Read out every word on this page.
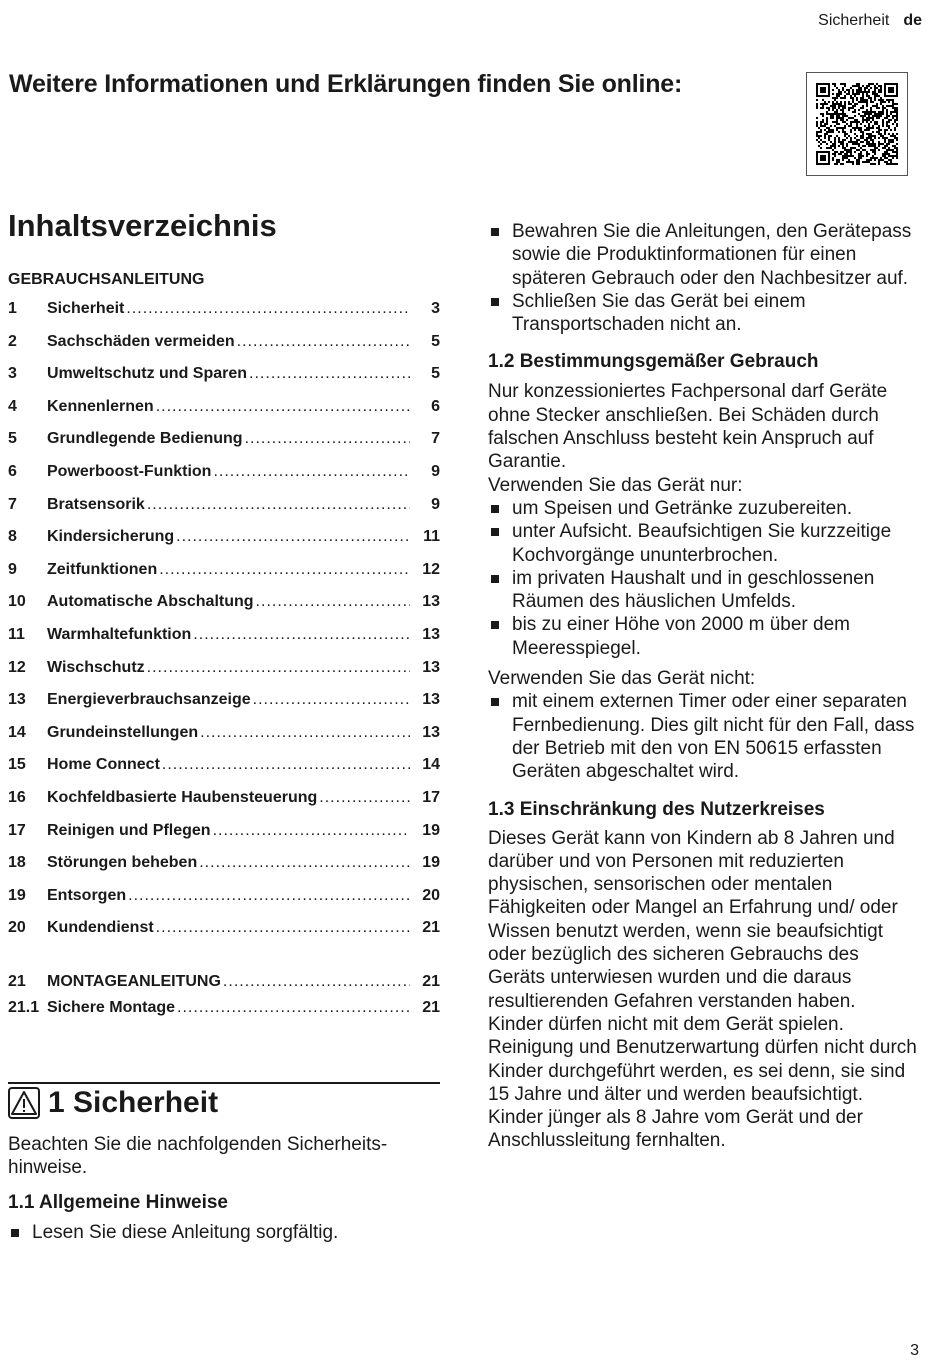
Sicherheit de
Weitere Informationen und Erklärungen finden Sie online:
Inhaltsverzeichnis
GEBRAUCHSANLEITUNG
1	Sicherheit .....	3
2	Sachschäden vermeiden .....	5
3	Umweltschutz und Sparen .....	5
4	Kennenlernen .....	6
5	Grundlegende Bedienung .....	7
6	Powerboost-Funktion .....	9
7	Bratsensorik .....	9
8	Kindersicherung .....	11
9	Zeitfunktionen .....	12
10	Automatische Abschaltung .....	13
11	Warmhaltefunktion .....	13
12	Wischschutz .....	13
13	Energieverbrauchsanzeige .....	13
14	Grundeinstellungen .....	13
15	Home Connect .....	14
16	Kochfeldbasierte Haubensteuerung .....	17
17	Reinigen und Pflegen .....	19
18	Störungen beheben .....	19
19	Entsorgen .....	20
20	Kundendienst .....	21
21	MONTAGEANLEITUNG .....	21
21.1 Sichere Montage .....	21
1 Sicherheit
Beachten Sie die nachfolgenden Sicherheits-hinweise.
1.1 Allgemeine Hinweise
Lesen Sie diese Anleitung sorgfältig.
Bewahren Sie die Anleitungen, den Gerätepass sowie die Produktinformationen für einen späteren Gebrauch oder den Nachbesitzer auf.
Schließen Sie das Gerät bei einem Transportschaden nicht an.

1.2 Bestimmungsgemäßer Gebrauch

Nur konzessioniertes Fachpersonal darf Geräte ohne Stecker anschließen. Bei Schäden durch falschen Anschluss besteht kein Anspruch auf Garantie.

Verwenden Sie das Gerät nur:

um Speisen und Getränke zuzubereiten.
unter Aufsicht. Beaufsichtigen Sie kurzzeitige Kochvorgänge ununterbrochen.
im privaten Haushalt und in geschlossenen Räumen des häuslichen Umfelds.
bis zu einer Höhe von 2000 m über dem Meeresspiegel.

Verwenden Sie das Gerät nicht:

mit einem externen Timer oder einer separaten Fernbedienung. Dies gilt nicht für den Fall, dass der Betrieb mit den von EN 50615 erfassten Geräten abgeschaltet wird.

1.3 Einschränkung des Nutzerkreises

Dieses Gerät kann von Kindern ab 8 Jahren und darüber und von Personen mit reduzierten physischen, sensorischen oder mentalen Fähigkeiten oder Mangel an Erfahrung und/ oder Wissen benutzt werden, wenn sie beaufsichtigt oder bezüglich des sicheren Gebrauchs des Geräts unterwiesen wurden und die daraus resultierenden Gefahren verstanden haben.

Kinder dürfen nicht mit dem Gerät spielen.

Reinigung und Benutzerwartung dürfen nicht durch Kinder durchgeführt werden, es sei denn, sie sind 15 Jahre und älter und werden beaufsichtigt.

Kinder jünger als 8 Jahre vom Gerät und der Anschlussleitung fernhalten.

3
